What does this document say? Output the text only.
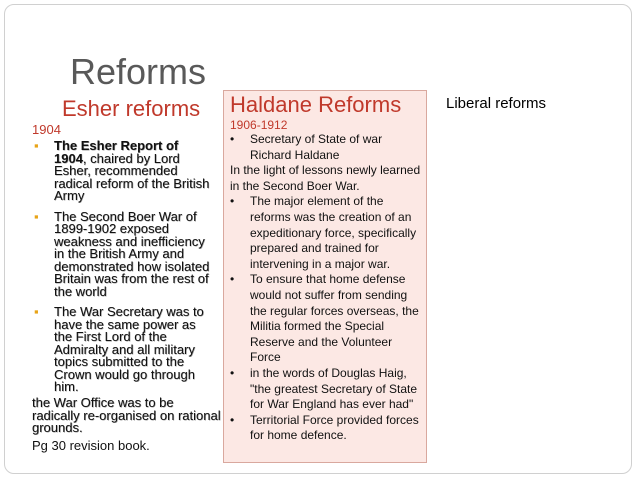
Reforms
Liberal reforms
Esher reforms
1904
▪ The Esher Report of 1904, chaired by Lord Esher, recommended radical reform of the British Army
▪ The Second Boer War of 1899-1902 exposed weakness and inefficiency in the British Army and demonstrated how isolated Britain was from the rest of the world
▪ The War Secretary was to have the same power as the First Lord of the Admiralty and all military topics submitted to the Crown would go through him.
the War Office was to be radically re-organised on rational grounds.
Pg 30 revision book.
Haldane Reforms
1906-1912
• Secretary of State of war Richard Haldane
In the light of lessons newly learned in the Second Boer War.
• The major element of the reforms was the creation of an expeditionary force, specifically prepared and trained for intervening in a major war.
• To ensure that home defense would not suffer from sending the regular forces overseas, the Militia formed the Special Reserve and the Volunteer Force
• in the words of Douglas Haig, "the greatest Secretary of State for War England has ever had"
• Territorial Force provided forces for home defence.
